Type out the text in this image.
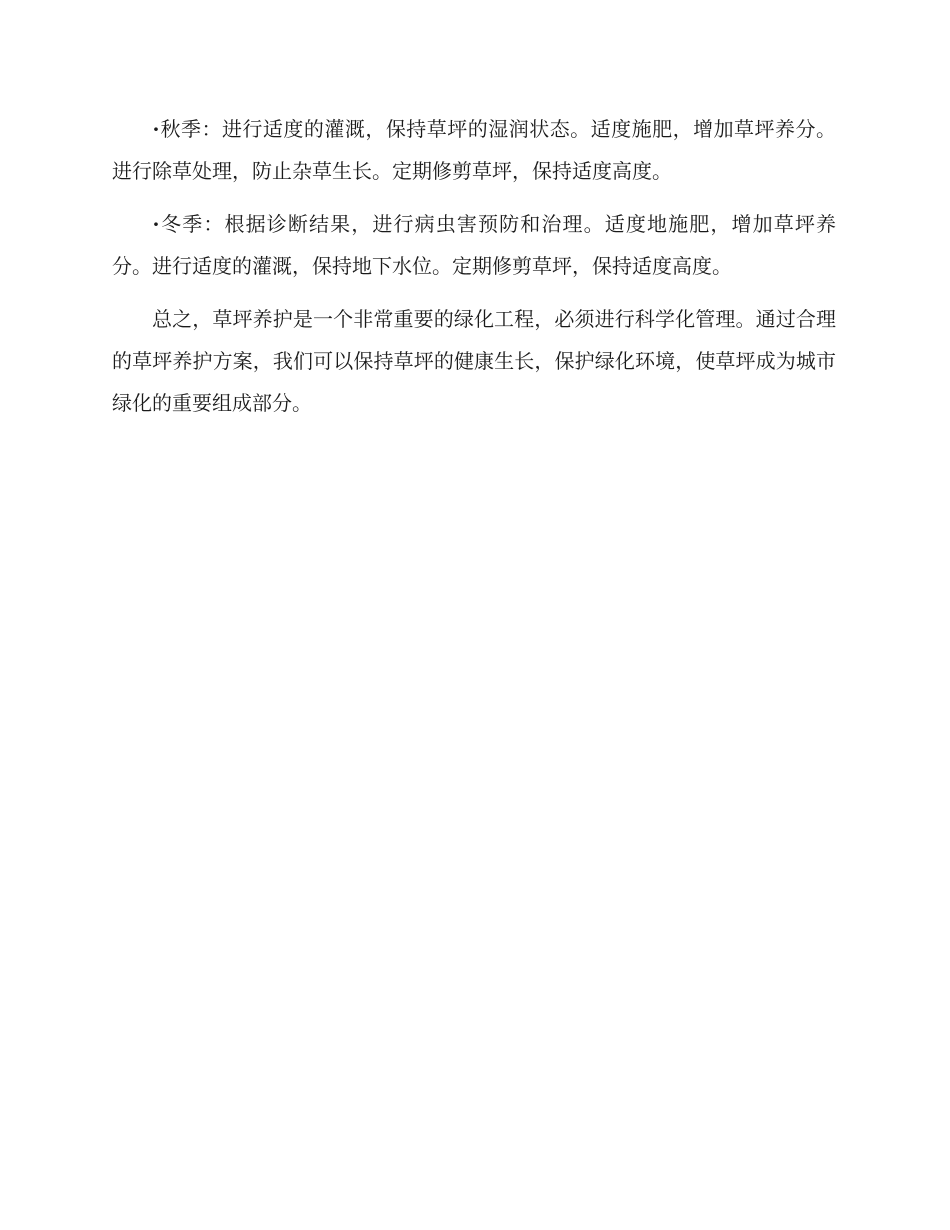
·秋季：进行适度的灌溉，保持草坪的湿润状态。适度施肥，增加草坪养分。进行除草处理，防止杂草生长。定期修剪草坪，保持适度高度。

·冬季：根据诊断结果，进行病虫害预防和治理。适度地施肥，增加草坪养分。进行适度的灌溉，保持地下水位。定期修剪草坪，保持适度高度。

总之，草坪养护是一个非常重要的绿化工程，必须进行科学化管理。通过合理的草坪养护方案，我们可以保持草坪的健康生长，保护绿化环境，使草坪成为城市绿化的重要组成部分。
